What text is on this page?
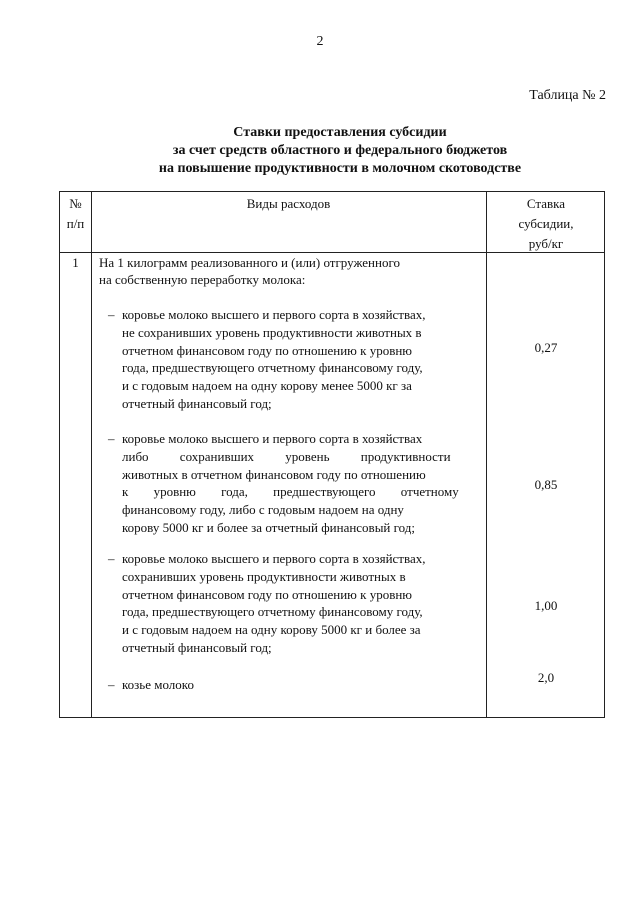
2
Таблица № 2
Ставки предоставления субсидии
за счет средств областного и федерального бюджетов
на повышение продуктивности в молочном скотоводстве
№
п/п
Виды расходов	Ставка
субсидии,
руб/кг
1	На 1 килограмм реализованного и (или) отгруженного
на собственную переработку молока:
– коровье молоко высшего и первого сорта в хозяйствах,
не сохранивших уровень продуктивности животных в
отчетном финансовом году по отношению к уровню
года, предшествующего отчетному финансовому году,
и с годовым надоем на одну корову менее 5000 кг за
отчетный финансовый год;
0,27
– коровье молоко высшего и первого сорта в хозяйствах
либо сохранивших уровень продуктивности
животных в отчетном финансовом году по отношению
к уровню года, предшествующего отчетному
финансовому году, либо с годовым надоем на одну
корову 5000 кг и более за отчетный финансовый год;
0,85
– коровье молоко высшего и первого сорта в хозяйствах,
сохранивших уровень продуктивности животных в
отчетном финансовом году по отношению к уровню
года, предшествующего отчетному финансовому году,
и с годовым надоем на одну корову 5000 кг и более за
отчетный финансовый год;
1,00
– козье молоко	2,0
